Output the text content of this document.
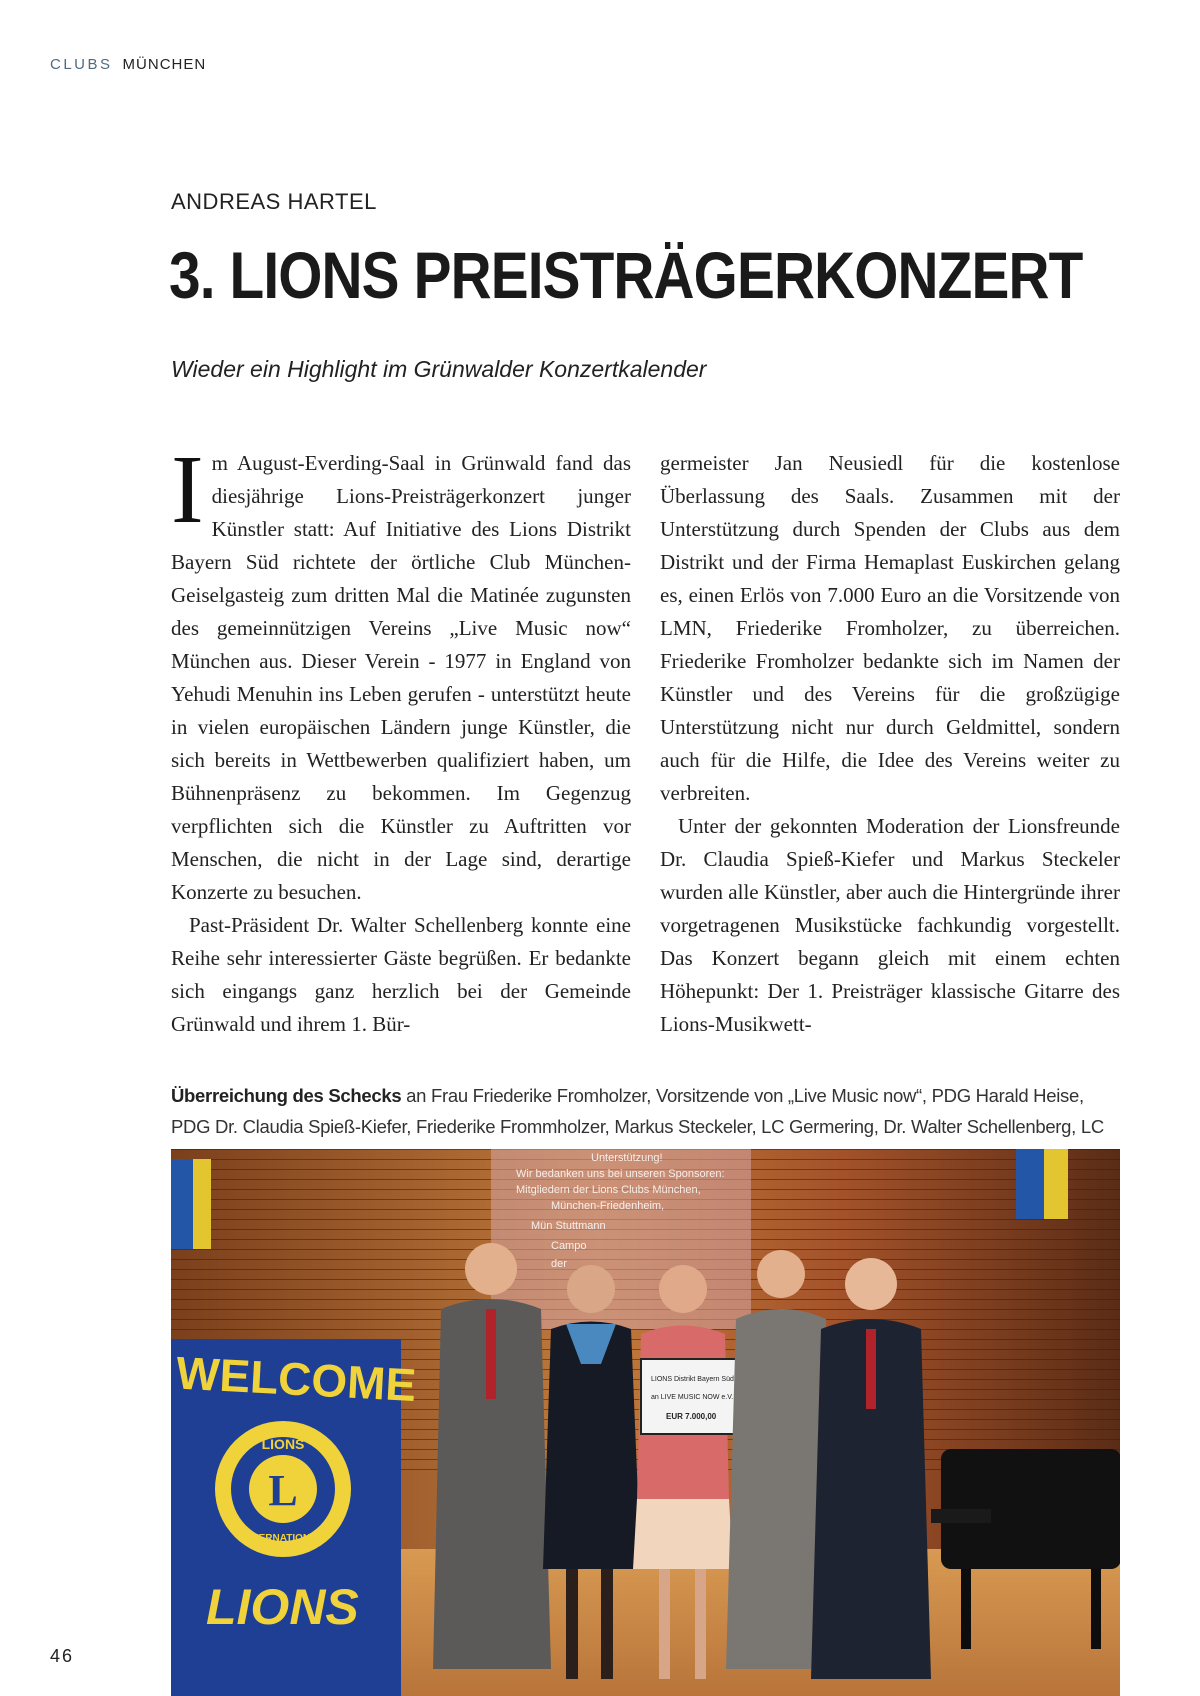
CLUBS MÜNCHEN
ANDREAS HARTEL
3. LIONS PREISTRÄGERKONZERT
Wieder ein Highlight im Grünwalder Konzertkalender

Im August-Everding-Saal in Grünwald fand das diesjährige Lions-Preisträgerkonzert junger Künstler statt: Auf Initiative des Lions Distrikt Bayern Süd richtete der örtliche Club München-Geiselgasteig zum dritten Mal die Matinée zugunsten des gemeinnützigen Vereins „Live Music now“ München aus. Dieser Verein - 1977 in England von Yehudi Menuhin ins Leben gerufen - unterstützt heute in vielen europäischen Ländern junge Künstler, die sich bereits in Wettbewerben qualifiziert haben, um Bühnenpräsenz zu bekommen. Im Gegenzug verpflichten sich die Künstler zu Auftritten vor Menschen, die nicht in der Lage sind, derartige Konzerte zu besuchen.

Past-Präsident Dr. Walter Schellenberg konnte eine Reihe sehr interessierter Gäste begrüßen. Er bedankte sich eingangs ganz herzlich bei der Gemeinde Grünwald und ihrem 1. Bür-

germeister Jan Neusiedl für die kostenlose Überlassung des Saals. Zusammen mit der Unterstützung durch Spenden der Clubs aus dem Distrikt und der Firma Hemaplast Euskirchen gelang es, einen Erlös von 7.000 Euro an die Vorsitzende von LMN, Friederike Fromholzer, zu überreichen. Friederike Fromholzer bedankte sich im Namen der Künstler und des Vereins für die großzügige Unterstützung nicht nur durch Geldmittel, sondern auch für die Hilfe, die Idee des Vereins weiter zu verbreiten.

Unter der gekonnten Moderation der Lionsfreunde Dr. Claudia Spieß-Kiefer und Markus Steckeler wurden alle Künstler, aber auch die Hintergründe ihrer vorgetragenen Musikstücke fachkundig vorgestellt. Das Konzert begann gleich mit einem echten Höhepunkt: Der 1. Preisträger klassische Gitarre des Lions-Musikwett-

Überreichung des Schecks an Frau Friederike Fromholzer, Vorsitzende von „Live Music now“, PDG Harald Heise, PDG Dr. Claudia Spieß-Kiefer, Friederike Frommholzer, Markus Steckeler, LC Germering, Dr. Walter Schellenberg, LC
Unterstützung!
Wir bedanken uns bei unseren Sponsoren:
Mitgliedern der Lions Clubs München,
München-Friedenheim,
Mün Stuttmann
Campo
der
WELCOME
L
LIONS
INTERNATIONAL
LIONS
LIONS Distrikt Bayern Süd
an LIVE MUSIC NOW e.V.
EUR 7.000,00
46
